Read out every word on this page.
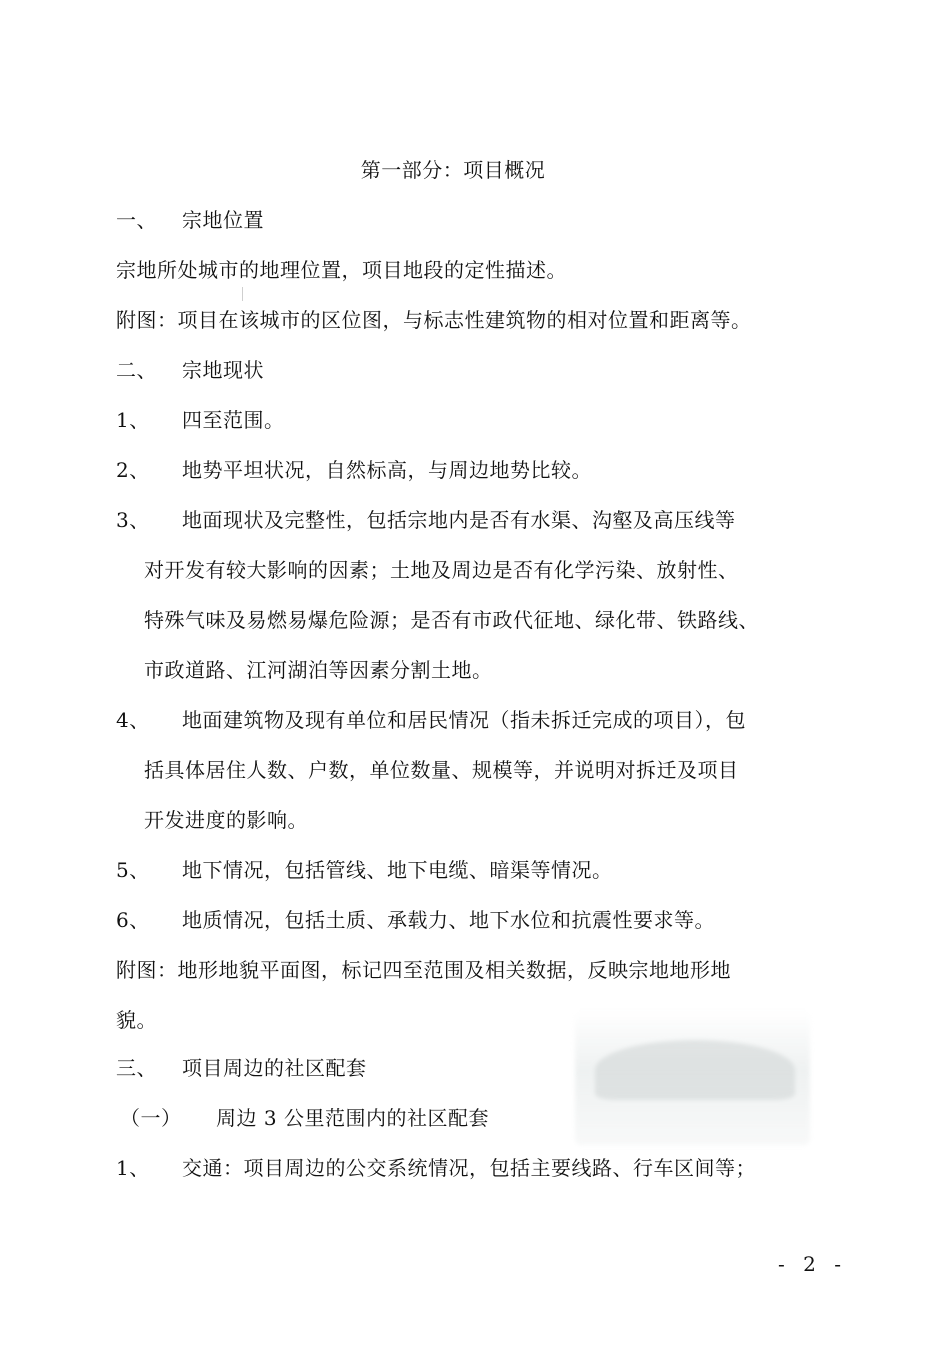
第一部分：项目概况
一、 宗地位置
宗地所处城市的地理位置，项目地段的定性描述。
附图：项目在该城市的区位图，与标志性建筑物的相对位置和距离等。
二、 宗地现状
1、 四至范围。
2、 地势平坦状况，自然标高，与周边地势比较。
3、 地面现状及完整性，包括宗地内是否有水渠、沟壑及高压线等
对开发有较大影响的因素；土地及周边是否有化学污染、放射性、
特殊气味及易燃易爆危险源；是否有市政代征地、绿化带、铁路线、
市政道路、江河湖泊等因素分割土地。
4、 地面建筑物及现有单位和居民情况（指未拆迁完成的项目），包
括具体居住人数、户数，单位数量、规模等，并说明对拆迁及项目
开发进度的影响。
5、 地下情况，包括管线、地下电缆、暗渠等情况。
6、 地质情况，包括土质、承载力、地下水位和抗震性要求等。
附图：地形地貌平面图，标记四至范围及相关数据，反映宗地地形地
貌。
三、 项目周边的社区配套
（一） 周边 3 公里范围内的社区配套
1、 交通：项目周边的公交系统情况，包括主要线路、行车区间等；
- 2 -
